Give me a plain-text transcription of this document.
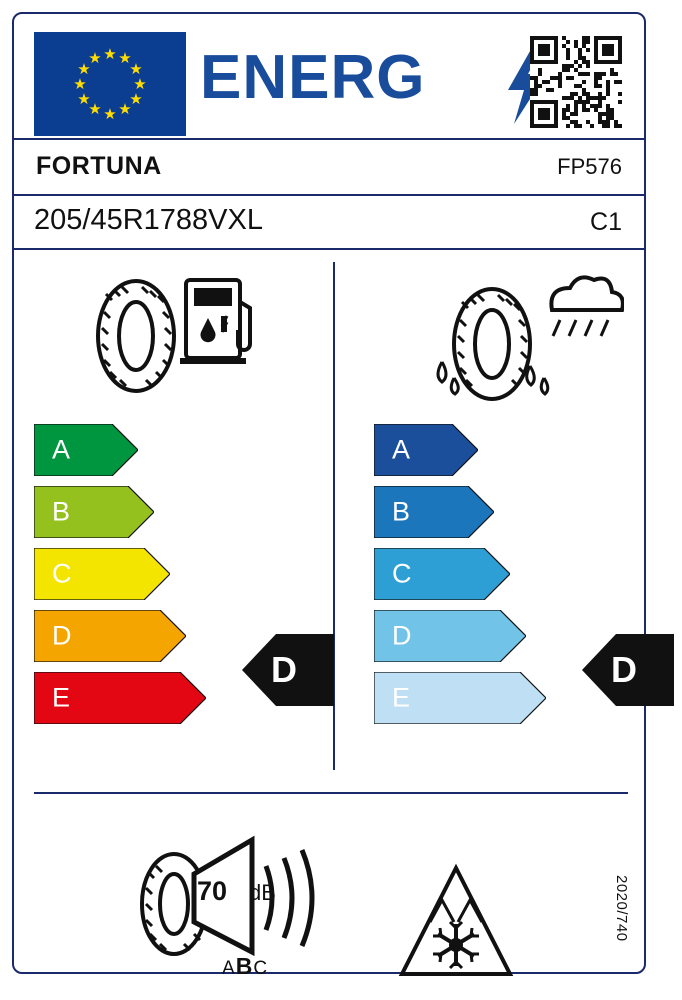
★ ★
★
★
★
★
★
★
★
★
★
★ ENERG
FORTUNA	FP576
205/45R1788VXL	C1
A
B
C
D
E
D
A
B
C
D
E
D
70 dB
ABC
2020/740
